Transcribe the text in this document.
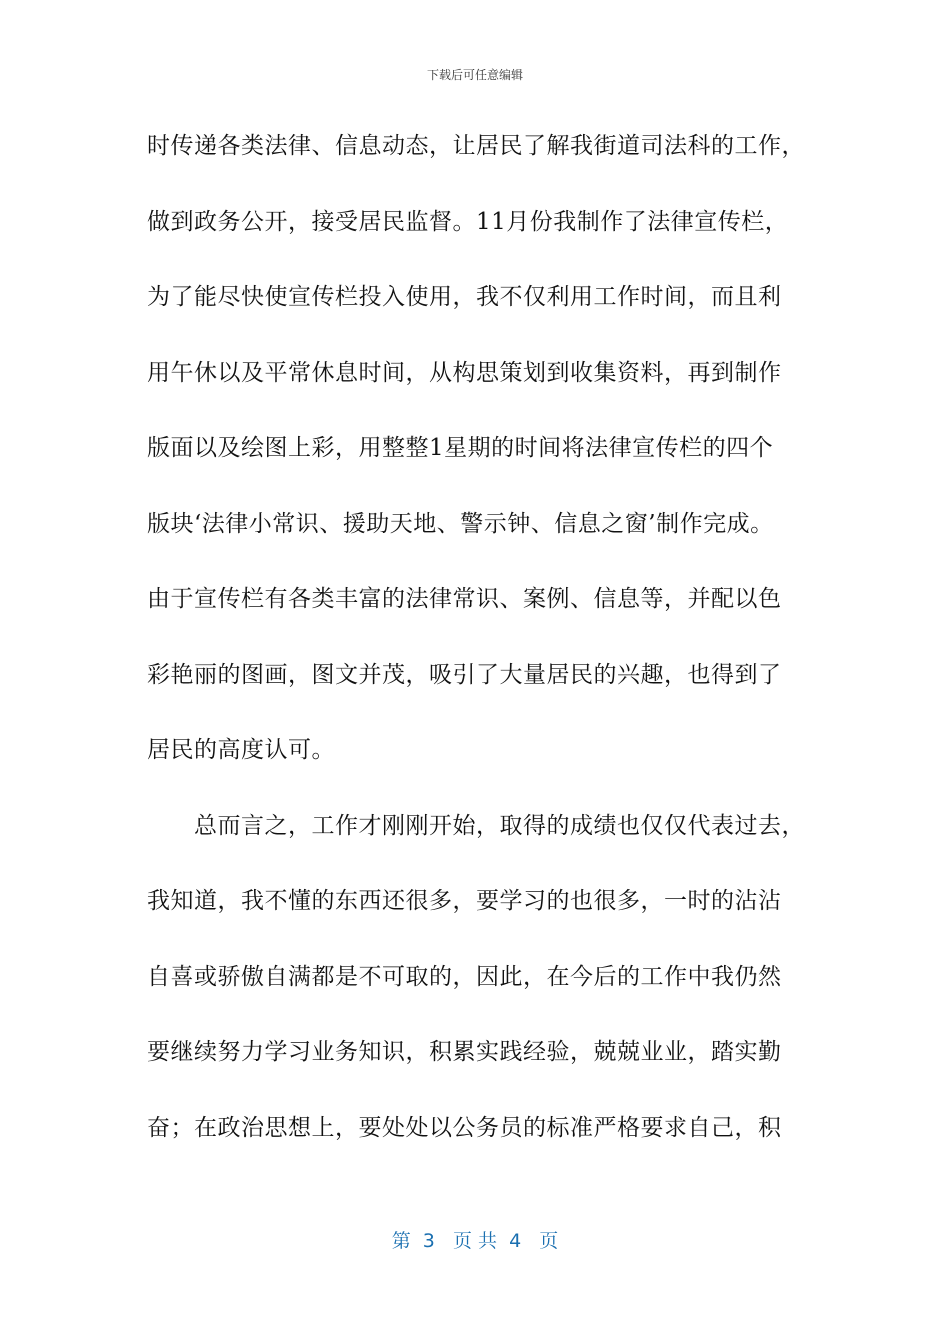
下载后可任意编辑
时传递各类法律、信息动态，让居民了解我街道司法科的工作，
做到政务公开，接受居民监督。11月份我制作了法律宣传栏，
为了能尽快使宣传栏投入使用，我不仅利用工作时间，而且利
用午休以及平常休息时间，从构思策划到收集资料，再到制作
版面以及绘图上彩，用整整1星期的时间将法律宣传栏的四个
版块‘法律小常识、援助天地、警示钟、信息之窗’制作完成。
由于宣传栏有各类丰富的法律常识、案例、信息等，并配以色
彩艳丽的图画，图文并茂，吸引了大量居民的兴趣，也得到了
居民的高度认可。
　　总而言之，工作才刚刚开始，取得的成绩也仅仅代表过去，
我知道，我不懂的东西还很多，要学习的也很多，一时的沾沾
自喜或骄傲自满都是不可取的，因此，在今后的工作中我仍然
要继续努力学习业务知识，积累实践经验，兢兢业业，踏实勤
奋；在政治思想上，要处处以公务员的标准严格要求自己，积
第  3   页 共  4   页
